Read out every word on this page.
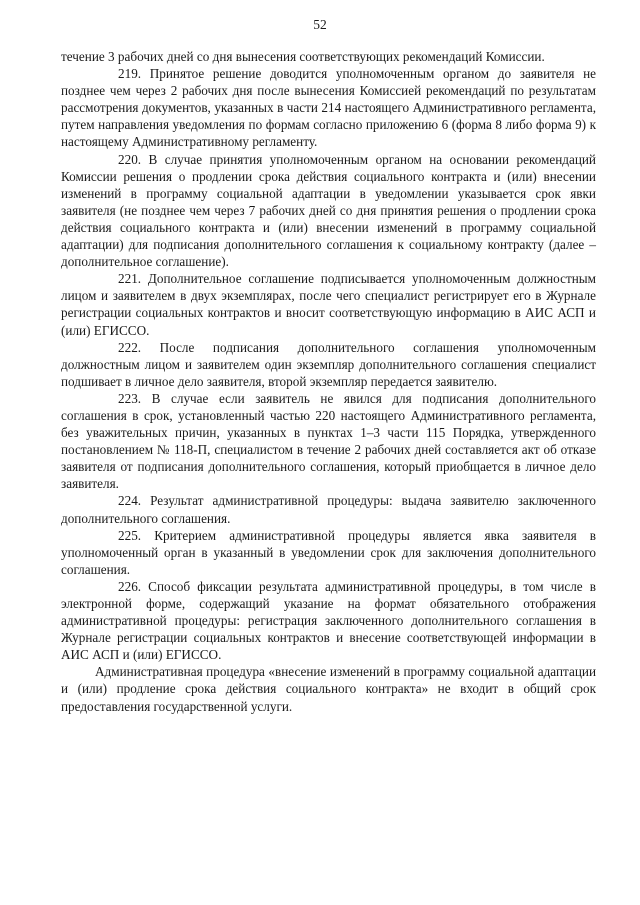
52

течение 3 рабочих дней со дня вынесения соответствующих рекомендаций Комиссии.

219. Принятое решение доводится уполномоченным органом до заявителя не позднее чем через 2 рабочих дня после вынесения Комиссией рекомендаций по результатам рассмотрения документов, указанных в части 214 настоящего Административного регламента, путем направления уведомления по формам согласно приложению 6 (форма 8 либо форма 9) к настоящему Административному регламенту.

220. В случае принятия уполномоченным органом на основании рекомендаций Комиссии решения о продлении срока действия социального контракта и (или) внесении изменений в программу социальной адаптации в уведомлении указывается срок явки заявителя (не позднее чем через 7 рабочих дней со дня принятия решения о продлении срока действия социального контракта и (или) внесении изменений в программу социальной адаптации) для подписания дополнительного соглашения к социальному контракту (далее – дополнительное соглашение).

221. Дополнительное соглашение подписывается уполномоченным должностным лицом и заявителем в двух экземплярах, после чего специалист регистрирует его в Журнале регистрации социальных контрактов и вносит соответствующую информацию в АИС АСП и (или) ЕГИССО.

222. После подписания дополнительного соглашения уполномоченным должностным лицом и заявителем один экземпляр дополнительного соглашения специалист подшивает в личное дело заявителя, второй экземпляр передается заявителю.

223. В случае если заявитель не явился для подписания дополнительного соглашения в срок, установленный частью 220 настоящего Административного регламента, без уважительных причин, указанных в пунктах 1–3 части 115 Порядка, утвержденного постановлением № 118-П, специалистом в течение 2 рабочих дней составляется акт об отказе заявителя от подписания дополнительного соглашения, который приобщается в личное дело заявителя.

224. Результат административной процедуры: выдача заявителю заключенного дополнительного соглашения.

225. Критерием административной процедуры является явка заявителя в уполномоченный орган в указанный в уведомлении срок для заключения дополнительного соглашения.

226. Способ фиксации результата административной процедуры, в том числе в электронной форме, содержащий указание на формат обязательного отображения административной процедуры: регистрация заключенного дополнительного соглашения в Журнале регистрации социальных контрактов и внесение соответствующей информации в АИС АСП и (или) ЕГИССО.

Административная процедура «внесение изменений в программу социальной адаптации и (или) продление срока действия социального контракта» не входит в общий срок предоставления государственной услуги.
